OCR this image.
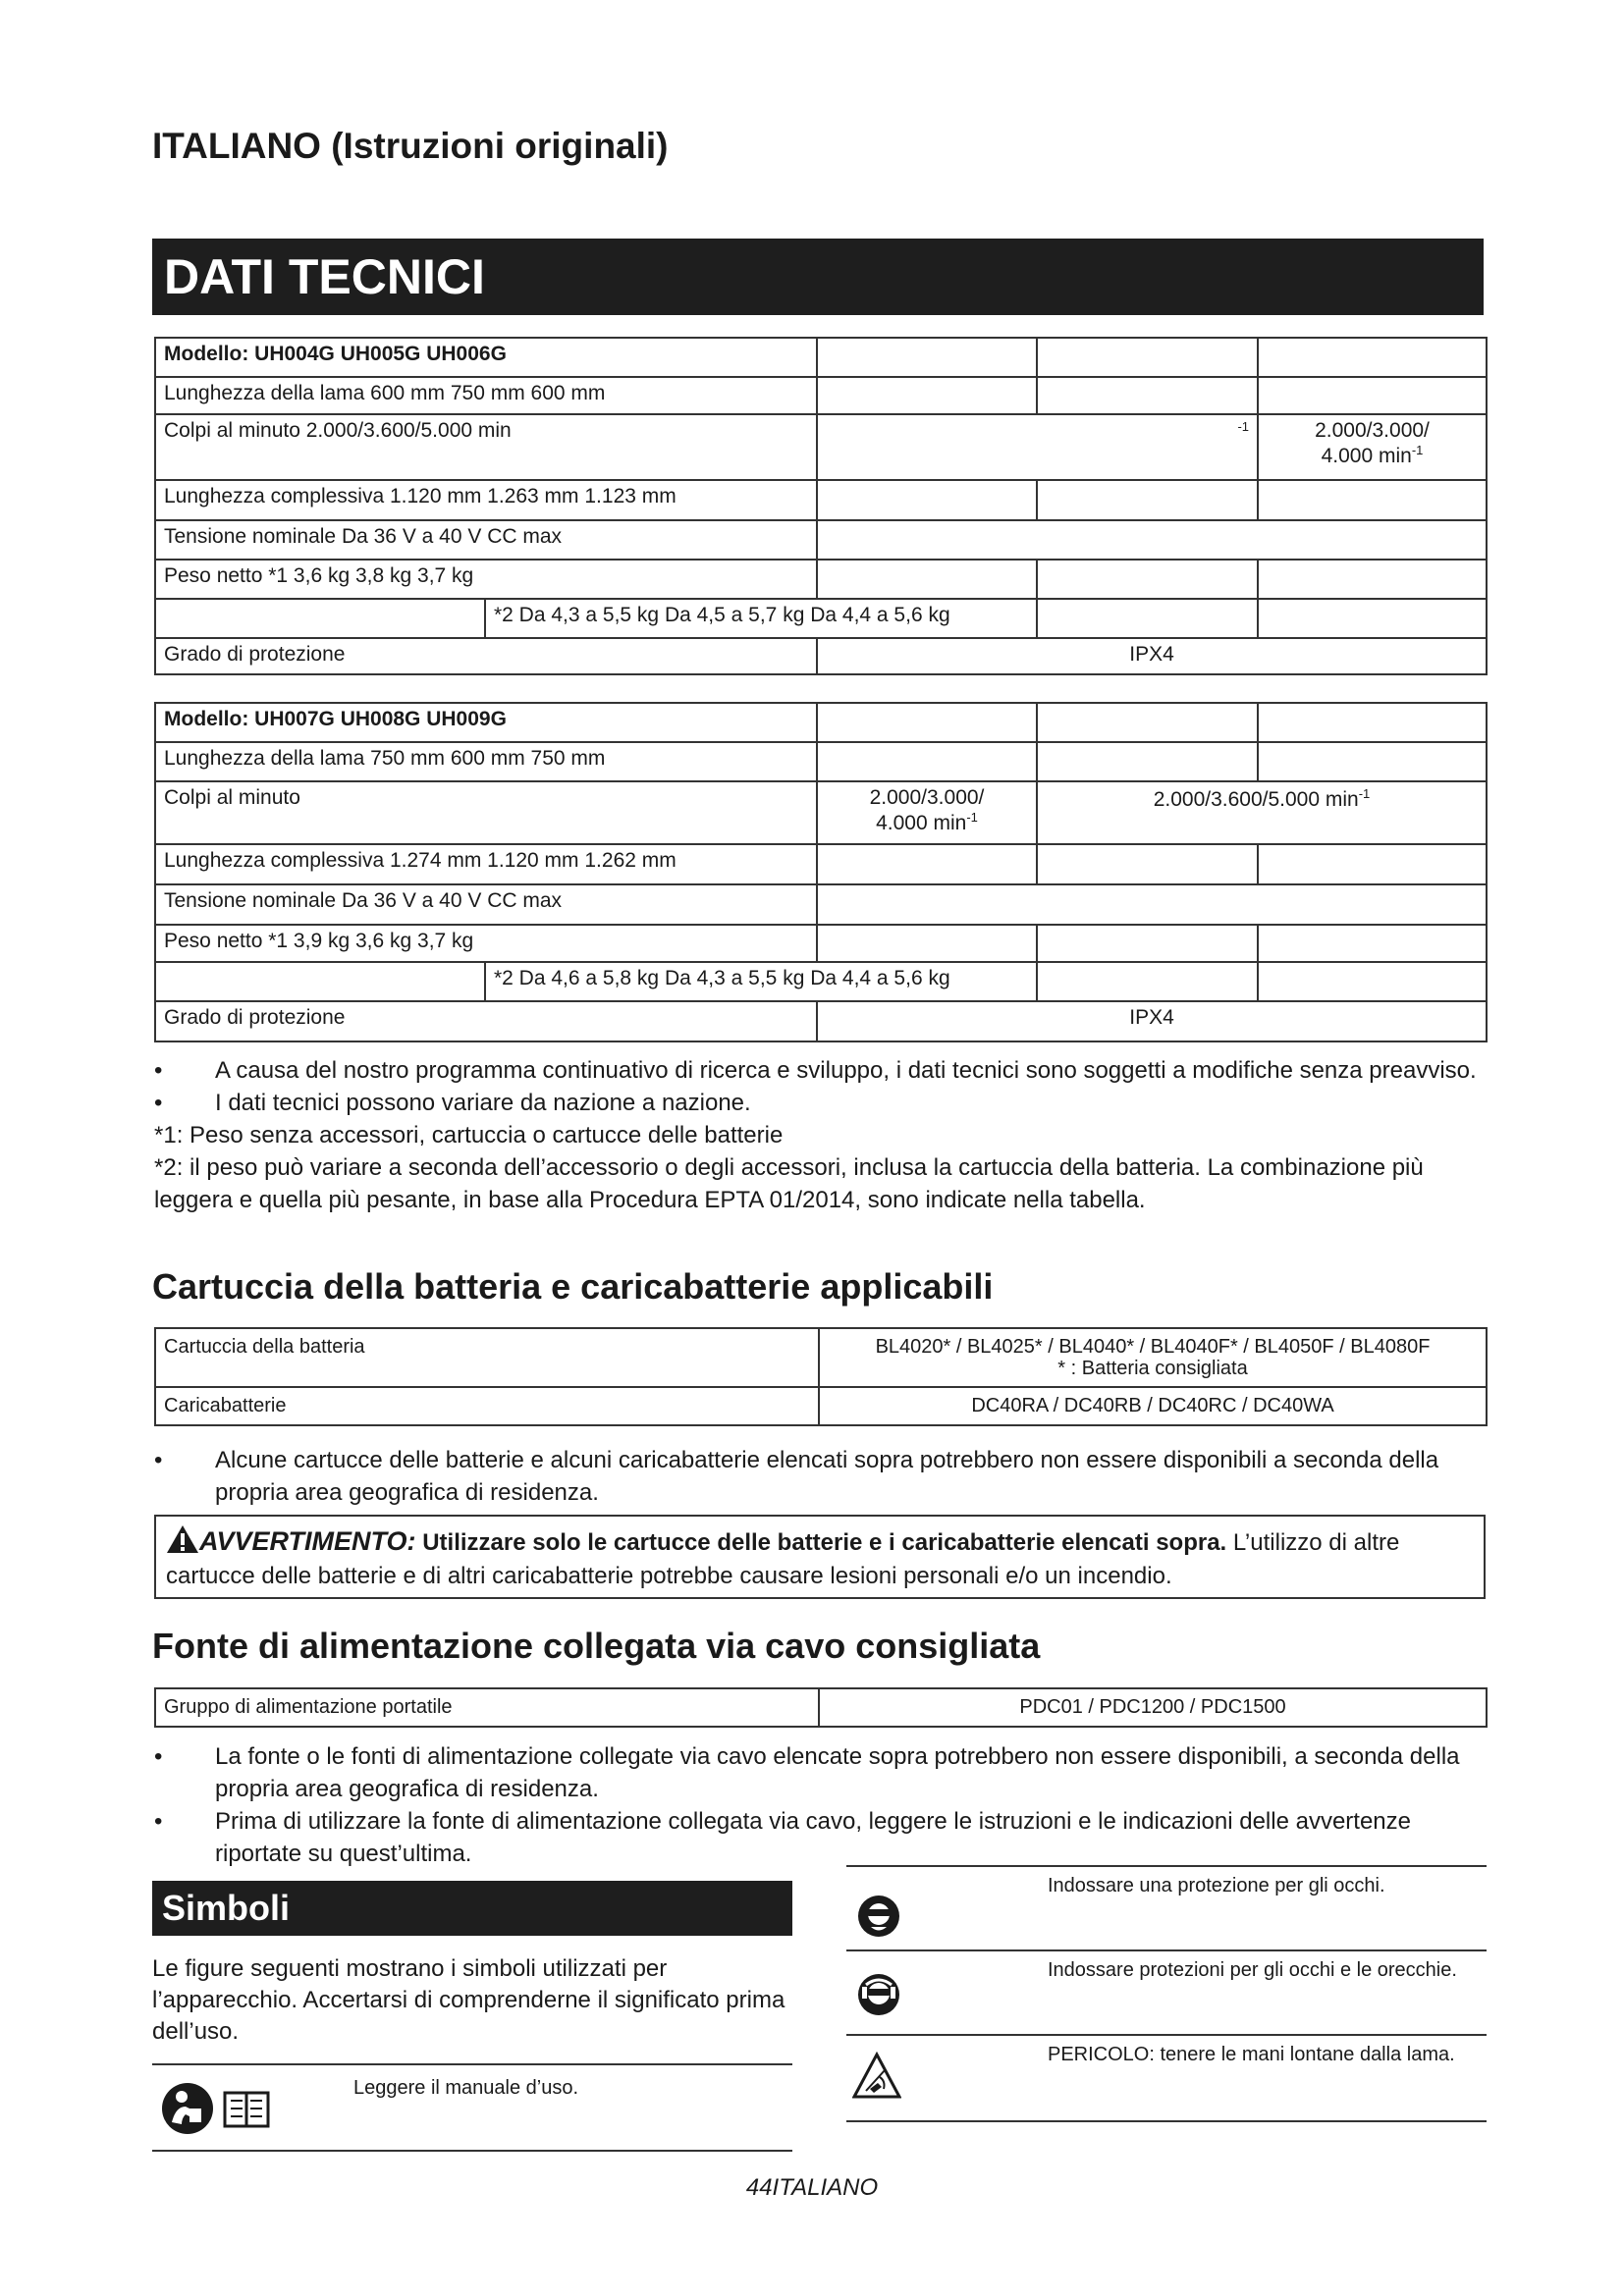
ITALIANO (Istruzioni originali)
DATI TECNICI
Modello: UH004G UH005G UH006G				
Lunghezza della lama 600 mm 750 mm 600 mm				
Colpi al minuto 2.000/3.600/5.000 min		$^{-1}$		2.000/3.000/
4.000 $\min^{-1}$
Lunghezza complessiva 1.120 mm 1.263 mm 1.123 mm				
Tensione nominale Da 36 V a 40 V CC max				
Peso netto *1 3,6 kg 3,8 kg 3,7 kg				
	*2 Da 4,3 a 5,5 kg Da 4,5 a 5,7 kg Da 4,4 a 5,6 kg			
Grado di protezione		IPX4		
Modello: UH007G UH008G UH009G				
Lunghezza della lama 750 mm 600 mm 750 mm				
Colpi al minuto		2.000/3.000/
4.000 $\min^{-1}$	2.000/3.600/5.000 $\min^{-1}$
Lunghezza complessiva 1.274 mm 1.120 mm 1.262 mm				
Tensione nominale Da 36 V a 40 V CC max				
Peso netto *1 3,9 kg 3,6 kg 3,7 kg				
	*2 Da 4,6 a 5,8 kg Da 4,3 a 5,5 kg Da 4,4 a 5,6 kg			
Grado di protezione		IPX4		
• A causa del nostro programma continuativo di ricerca e sviluppo, i dati tecnici sono soggetti a modifiche senza preavviso.
• I dati tecnici possono variare da nazione a nazione.
*1: Peso senza accessori, cartuccia o cartucce delle batterie
*2: il peso può variare a seconda dell’accessorio o degli accessori, inclusa la cartuccia della batteria. La combinazione più leggera e quella più pesante, in base alla Procedura EPTA 01/2014, sono indicate nella tabella.
Cartuccia della batteria e caricabatterie applicabili
Cartuccia della batteria	BL4020* / BL4025* / BL4040* / BL4040F* / BL4050F / BL4080F
* : Batteria consigliata

Caricabatterie	DC40RA / DC40RB / DC40RC / DC40WA
• Alcune cartucce delle batterie e alcuni caricabatterie elencati sopra potrebbero non essere disponibili a seconda della propria area geografica di residenza.
AVVERTIMENTO: Utilizzare solo le cartucce delle batterie e i caricabatterie elencati sopra. L’utilizzo di altre cartucce delle batterie e di altri caricabatterie potrebbe causare lesioni personali e/o un incendio.
Fonte di alimentazione collegata via cavo consigliata
Gruppo di alimentazione portatile	PDC01 / PDC1200 / PDC1500
• La fonte o le fonti di alimentazione collegate via cavo elencate sopra potrebbero non essere disponibili, a seconda della propria area geografica di residenza.
• Prima di utilizzare la fonte di alimentazione collegata via cavo, leggere le istruzioni e le indicazioni delle avvertenze riportate su quest’ultima.
Simboli
Le figure seguenti mostrano i simboli utilizzati per l’apparecchio. Accertarsi di comprenderne il significato prima dell’uso.
Leggere il manuale d’uso.
Indossare una protezione per gli occhi.
Indossare protezioni per gli occhi e le orecchie.
PERICOLO: tenere le mani lontane dalla lama.
44ITALIANO
